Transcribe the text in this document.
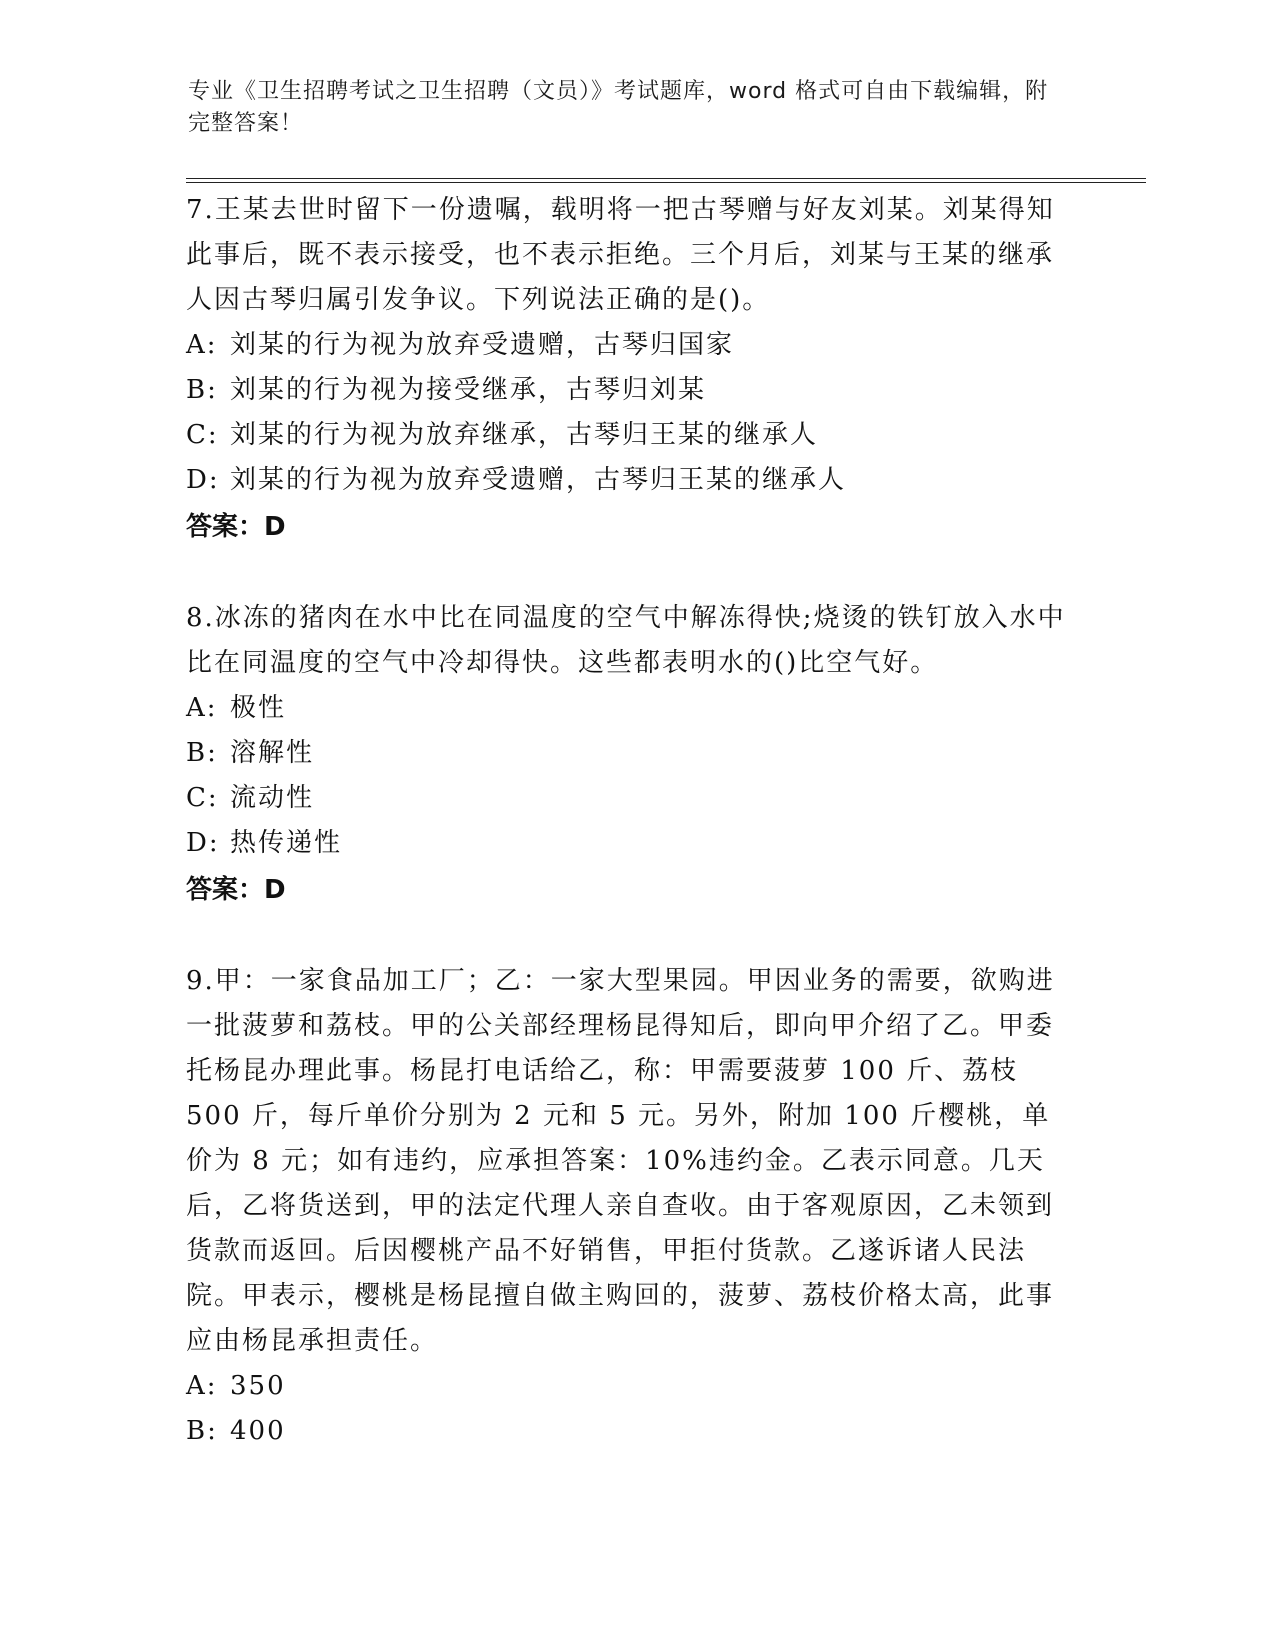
专业《卫生招聘考试之卫生招聘（文员）》考试题库，word 格式可自由下载编辑，附完整答案！

7.王某去世时留下一份遗嘱，载明将一把古琴赠与好友刘某。刘某得知此事后，既不表示接受，也不表示拒绝。三个月后，刘某与王某的继承人因古琴归属引发争议。下列说法正确的是()。

A: 刘某的行为视为放弃受遗赠，古琴归国家

B: 刘某的行为视为接受继承，古琴归刘某

C: 刘某的行为视为放弃继承，古琴归王某的继承人

D: 刘某的行为视为放弃受遗赠，古琴归王某的继承人

答案：D

8.冰冻的猪肉在水中比在同温度的空气中解冻得快;烧烫的铁钉放入水中比在同温度的空气中冷却得快。这些都表明水的()比空气好。

A: 极性

B: 溶解性

C: 流动性

D: 热传递性

答案：D

9.甲：一家食品加工厂；乙：一家大型果园。甲因业务的需要，欲购进一批菠萝和荔枝。甲的公关部经理杨昆得知后，即向甲介绍了乙。甲委托杨昆办理此事。杨昆打电话给乙，称：甲需要菠萝 100 斤、荔枝 500 斤，每斤单价分别为 2 元和 5 元。另外，附加 100 斤樱桃，单价为 8 元；如有违约，应承担答案：10%违约金。乙表示同意。几天后，乙将货送到，甲的法定代理人亲自查收。由于客观原因，乙未领到货款而返回。后因樱桃产品不好销售，甲拒付货款。乙遂诉诸人民法院。甲表示，樱桃是杨昆擅自做主购回的，菠萝、荔枝价格太高，此事应由杨昆承担责任。

A: 350

B: 400
